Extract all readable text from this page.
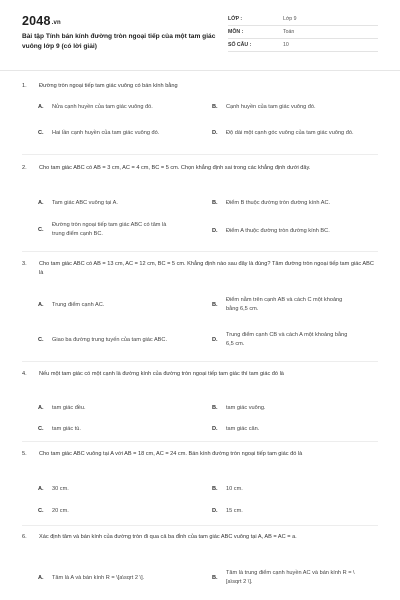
2048.vn
Bài tập Tính bán kính đường tròn ngoại tiếp của một tam giác vuông lớp 9 (có lời giải)
LỚP :	Lớp 9
MÔN :	Toán
SỐ CÂU :	10
1.	Đường tròn ngoại tiếp tam giác vuông có bán kính bằng
A.	Nửa cạnh huyền của tam giác vuông đó.	B.	Cạnh huyền của tam giác vuông đó.
C.	Hai lần cạnh huyền của tam giác vuông đó.	D.	Độ dài một cạnh góc vuông của tam giác vuông đó.
2.	Cho tam giác ABC có AB = 3 cm, AC = 4 cm, BC = 5 cm. Chọn khẳng định sai trong các khẳng định dưới đây.
A.	Tam giác ABC vuông tại A.	B.	Điểm B thuộc đường tròn đường kính AC.
C.
Đường tròn ngoại tiếp tam giác ABC có tâm là trung điểm cạnh BC.	D.	Điểm A thuộc đường tròn đường kính BC.
3.	Cho tam giác ABC có AB = 13 cm, AC = 12 cm, BC = 5 cm. Khẳng định nào sau đây là đúng? Tâm đường tròn ngoại tiếp tam giác ABC là
A.	Trung điểm cạnh AC.	B.
Điểm nằm trên cạnh AB và cách C một khoảng bằng 6,5 cm.
C.	Giao ba đường trung tuyến của tam giác ABC.	D.
Trung điểm cạnh CB và cách A một khoảng bằng 6,5 cm.
4.	Nếu một tam giác có một cạnh là đường kính của đường tròn ngoại tiếp tam giác thì tam giác đó là
A.	tam giác đều.	B.	tam giác vuông.
C.	tam giác tù.	D.	tam giác cân.
5.	Cho tam giác ABC vuông tại A với AB = 18 cm, AC = 24 cm. Bán kính đường tròn ngoại tiếp tam giác đó là
A.	30 cm.	B.	10 cm.
C.	20 cm.	D.	15 cm.
6.	Xác định tâm và bán kính của đường tròn đi qua cả ba đỉnh của tam giác ABC vuông tại A, AB = AC = a.
A.	Tâm là A và bán kính R = \[a\sqrt 2 \].	B.
Tâm là trung điểm cạnh huyền AC và bán kính R = \[a\sqrt 2 \].
